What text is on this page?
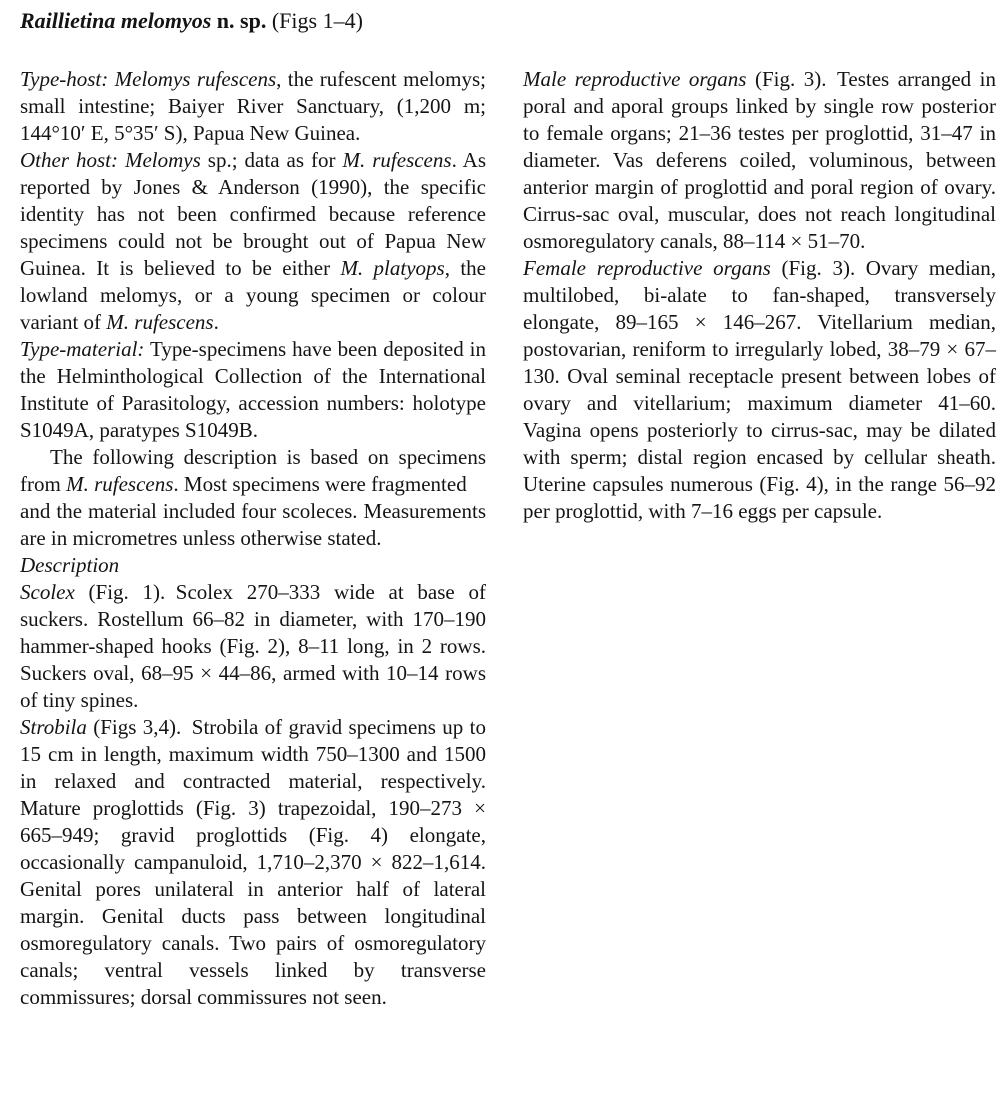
Raillietina melomyos n. sp. (Figs 1–4)

Type-host: Melomys rufescens, the rufescent melomys; small intestine; Baiyer River Sanctuary, (1,200 m; 144°10′ E, 5°35′ S), Papua New Guinea.

Other host: Melomys sp.; data as for M. rufescens. As reported by Jones & Anderson (1990), the specific identity has not been confirmed because reference specimens could not be brought out of Papua New Guinea. It is believed to be either M. platyops, the lowland melomys, or a young specimen or colour variant of M. rufescens.

Type-material: Type-specimens have been deposited in the Helminthological Collection of the International Institute of Parasitology, accession numbers: holotype S1049A, paratypes S1049B.

The following description is based on specimens from M. rufescens. Most specimens were fragmented

and the material included four scoleces. Measurements are in micrometres unless otherwise stated.

Description

Scolex (Fig. 1). Scolex 270–333 wide at base of suckers. Rostellum 66–82 in diameter, with 170–190 hammer-shaped hooks (Fig. 2), 8–11 long, in 2 rows. Suckers oval, 68–95 × 44–86, armed with 10–14 rows of tiny spines.

Strobila (Figs 3,4). Strobila of gravid specimens up to 15 cm in length, maximum width 750–1300 and 1500 in relaxed and contracted material, respectively. Mature proglottids (Fig. 3) trapezoidal, 190–273 × 665–949; gravid proglottids (Fig. 4) elongate, occasionally campanuloid, 1,710–2,370 × 822–1,614. Genital pores unilateral in anterior half of lateral margin. Genital ducts pass between longitudinal osmoregulatory canals. Two pairs of osmoregulatory canals; ventral vessels linked by transverse commissures; dorsal commissures not seen.

Male reproductive organs (Fig. 3). Testes arranged in poral and aporal groups linked by single row posterior to female organs; 21–36 testes per proglottid, 31–47 in diameter. Vas deferens coiled, voluminous, between anterior margin of proglottid and poral region of ovary. Cirrus-sac oval, muscular, does not reach longitudinal osmoregulatory canals, 88–114 × 51–70.

Female reproductive organs (Fig. 3). Ovary median, multilobed, bi-alate to fan-shaped, transversely elongate, 89–165 × 146–267. Vitellarium median, postovarian, reniform to irregularly lobed, 38–79 × 67–130. Oval seminal receptacle present between lobes of ovary and vitellarium; maximum diameter 41–60. Vagina opens posteriorly to cirrus-sac, may be dilated with sperm; distal region encased by cellular sheath. Uterine capsules numerous (Fig. 4), in the range 56–92 per proglottid, with 7–16 eggs per capsule.
